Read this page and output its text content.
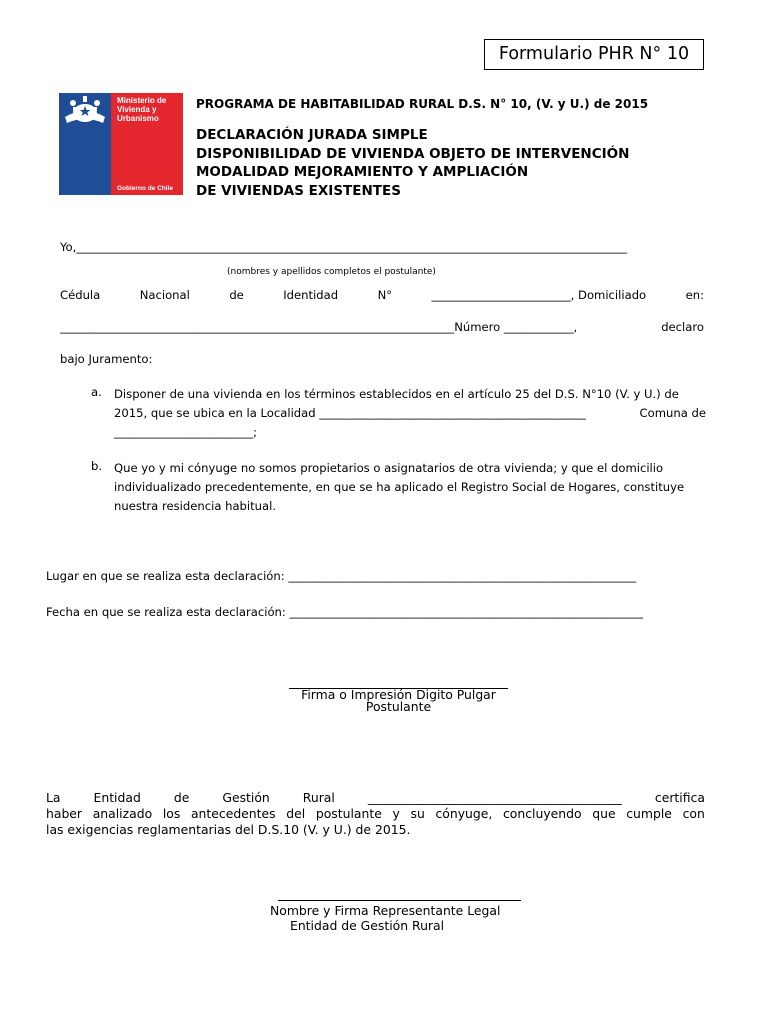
Formulario PHR N° 10
Ministerio de
Vivienda y
Urbanismo
Gobierno de Chile
PROGRAMA DE HABITABILIDAD RURAL D.S. N° 10, (V. y U.) de 2015
DECLARACIÓN JURADA SIMPLE
DISPONIBILIDAD DE VIVIENDA OBJETO DE INTERVENCIÓN
MODALIDAD MEJORAMIENTO Y AMPLIACIÓN
DE VIVIENDAS EXISTENTES
Yo,_______________________________________________________________________________________________
(nombres y apellidos completos el postulante)
Cédula	Nacional	de	Identidad	N°	________________________, Domiciliado	en:
____________________________________________________________________Número ____________,	declaro
bajo Juramento:
a. Disponer de una vivienda en los términos establecidos en el artículo 25 del D.S. N°10 (V. y U.) de
2015, que se ubica en la Localidad ______________________________________________	Comuna de
________________________;
b. Que yo y mi cónyuge no somos propietarios o asignatarios de otra vivienda; y que el domicilio
individualizado precedentemente, en que se ha aplicado el Registro Social de Hogares, constituye
nuestra residencia habitual.
Lugar en que se realiza esta declaración: ____________________________________________________________
Fecha en que se realiza esta declaración: _____________________________________________________________
Firma o Impresión Digito Pulgar
Postulante
La	Entidad	de	Gestión	Rural	_________________________________________	certifica
haber analizado los antecedentes del postulante y su cónyuge, concluyendo que cumple con
las exigencias reglamentarias del D.S.10 (V. y U.) de 2015.
Nombre y Firma Representante Legal
Entidad de Gestión Rural
